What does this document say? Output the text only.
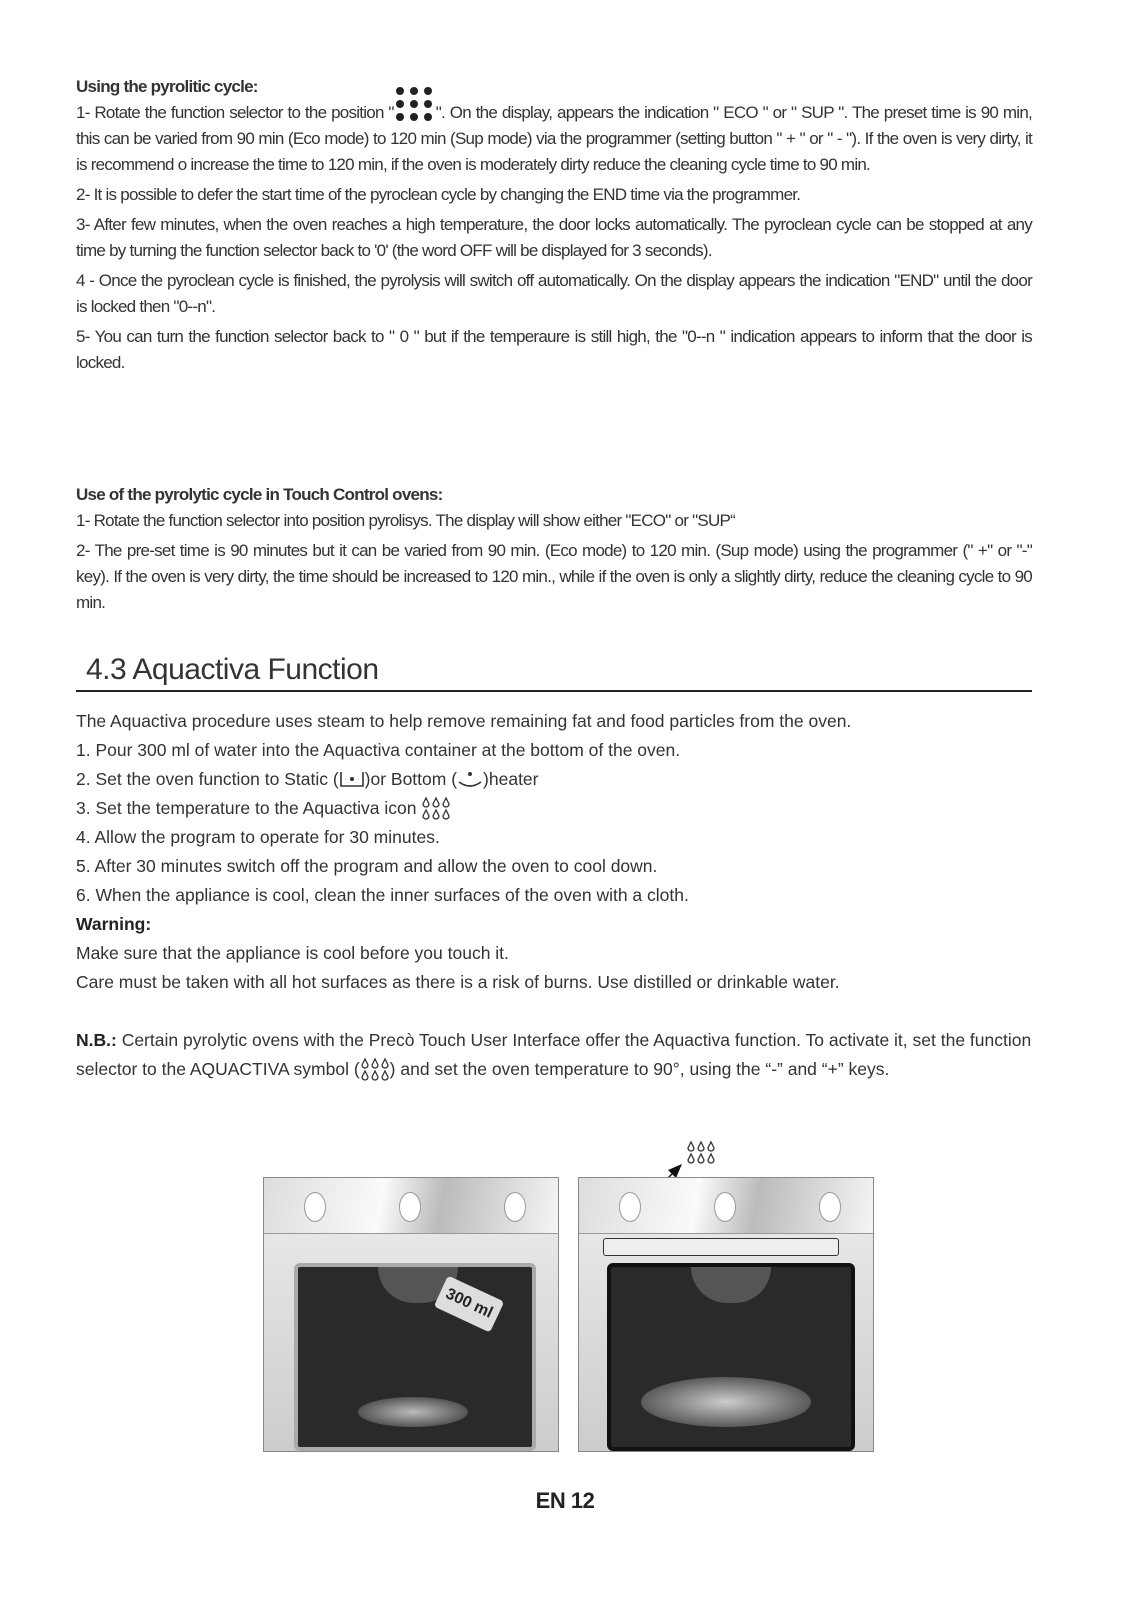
Using the pyrolitic cycle:

1- Rotate the function selector to the position " ". On the display, appears the indication " ECO " or " SUP ". The preset time is 90 min, this can be varied from 90 min (Eco mode) to 120 min (Sup mode) via the programmer (setting button " + " or " - "). If the oven is very dirty, it is recommend o increase the time to 120 min, if the oven is moderately dirty reduce the cleaning cycle time to 90 min.

2- It is possible to defer the start time of the pyroclean cycle by changing the END time via the programmer.

3- After few minutes, when the oven reaches a high temperature, the door locks automatically. The pyroclean cycle can be stopped at any time by turning the function selector back to '0' (the word OFF will be displayed for 3 seconds).

4 - Once the pyroclean cycle is finished, the pyrolysis will switch off automatically. On the display appears the indication "END" until the door is locked then "0--n".

5- You can turn the function selector back to " 0 " but if the temperaure is still high, the "0--n " indication appears to inform that the door is locked.

Use of the pyrolytic cycle in Touch Control ovens:

1- Rotate the function selector into position pyrolisys. The display will show either "ECO" or "SUP“

2- The pre-set time is 90 minutes but it can be varied from 90 min. (Eco mode) to 120 min. (Sup mode) using the programmer (" +" or "-" key). If the oven is very dirty, the time should be increased to 120 min., while if the oven is only a slightly dirty, reduce the cleaning cycle to 90 min.

4.3 Aquactiva Function

The Aquactiva procedure uses steam to help remove remaining fat and food particles from the oven.

1. Pour 300 ml of water into the Aquactiva container at the bottom of the oven.

2. Set the oven function to Static ( )or Bottom ( )heater

3. Set the temperature to the Aquactiva icon

4. Allow the program to operate for 30 minutes.

5. After 30 minutes switch off the program and allow the oven to cool down.

6. When the appliance is cool, clean the inner surfaces of the oven with a cloth.

Warning:

Make sure that the appliance is cool before you touch it.

Care must be taken with all hot surfaces as there is a risk of burns. Use distilled or drinkable water.

N.B.: Certain pyrolytic ovens with the Precò Touch User Interface offer the Aquactiva function. To activate it, set the function selector to the AQUACTIVA symbol ( ) and set the oven temperature to 90°, using the “-” and “+” keys.

300 ml
EN 12
